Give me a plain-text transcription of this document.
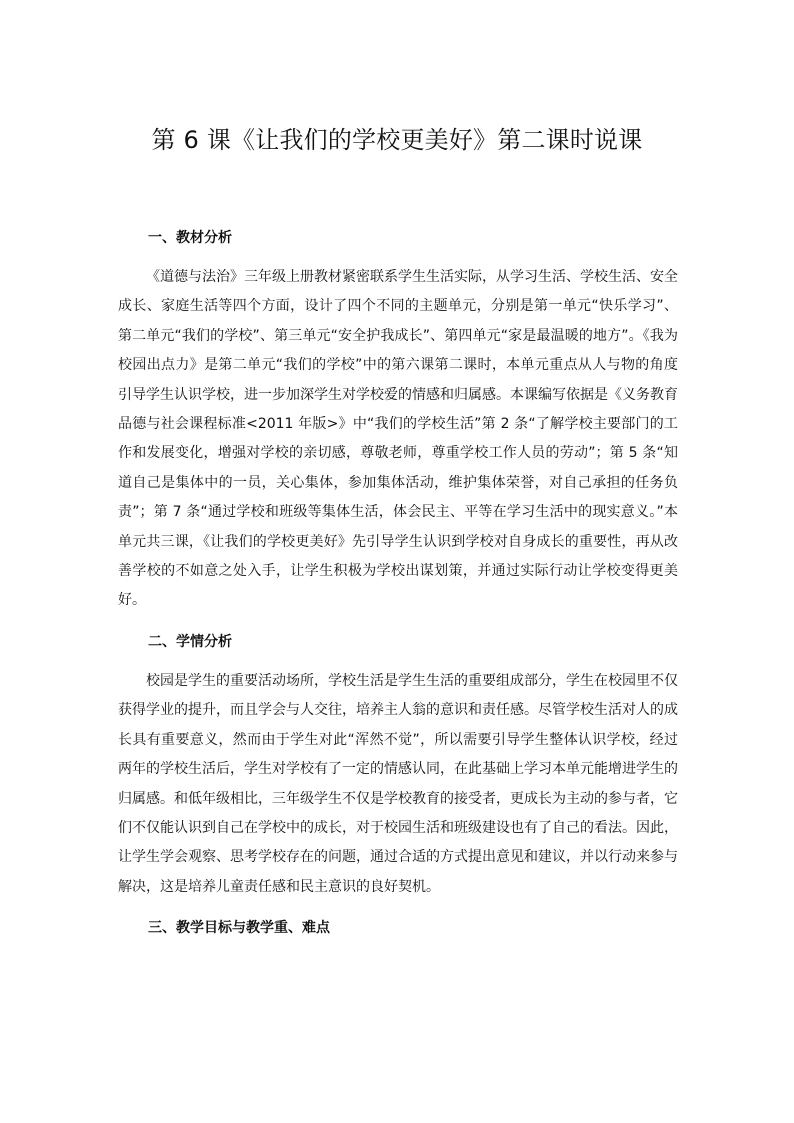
第 6 课《让我们的学校更美好》第二课时说课
一、教材分析

《道德与法治》三年级上册教材紧密联系学生生活实际，从学习生活、学校生活、安全成长、家庭生活等四个方面，设计了四个不同的主题单元，分别是第一单元“快乐学习”、第二单元“我们的学校”、第三单元“安全护我成长”、第四单元“家是最温暖的地方”。《我为校园出点力》是第二单元“我们的学校”中的第六课第二课时，本单元重点从人与物的角度引导学生认识学校，进一步加深学生对学校爱的情感和归属感。本课编写依据是《义务教育品德与社会课程标准<2011 年版>》中“我们的学校生活”第 2 条“了解学校主要部门的工作和发展变化，增强对学校的亲切感，尊敬老师，尊重学校工作人员的劳动”；第 5 条“知道自己是集体中的一员，关心集体，参加集体活动，维护集体荣誉，对自己承担的任务负责”；第 7 条“通过学校和班级等集体生活，体会民主、平等在学习生活中的现实意义。”本单元共三课，《让我们的学校更美好》先引导学生认识到学校对自身成长的重要性，再从改善学校的不如意之处入手，让学生积极为学校出谋划策，并通过实际行动让学校变得更美好。

二、学情分析

校园是学生的重要活动场所，学校生活是学生生活的重要组成部分，学生在校园里不仅获得学业的提升，而且学会与人交往，培养主人翁的意识和责任感。尽管学校生活对人的成长具有重要意义，然而由于学生对此“浑然不觉”，所以需要引导学生整体认识学校，经过两年的学校生活后，学生对学校有了一定的情感认同，在此基础上学习本单元能增进学生的归属感。和低年级相比，三年级学生不仅是学校教育的接受者，更成长为主动的参与者，它们不仅能认识到自己在学校中的成长，对于校园生活和班级建设也有了自己的看法。因此，让学生学会观察、思考学校存在的问题，通过合适的方式提出意见和建议，并以行动来参与解决，这是培养儿童责任感和民主意识的良好契机。

三、教学目标与教学重、难点
